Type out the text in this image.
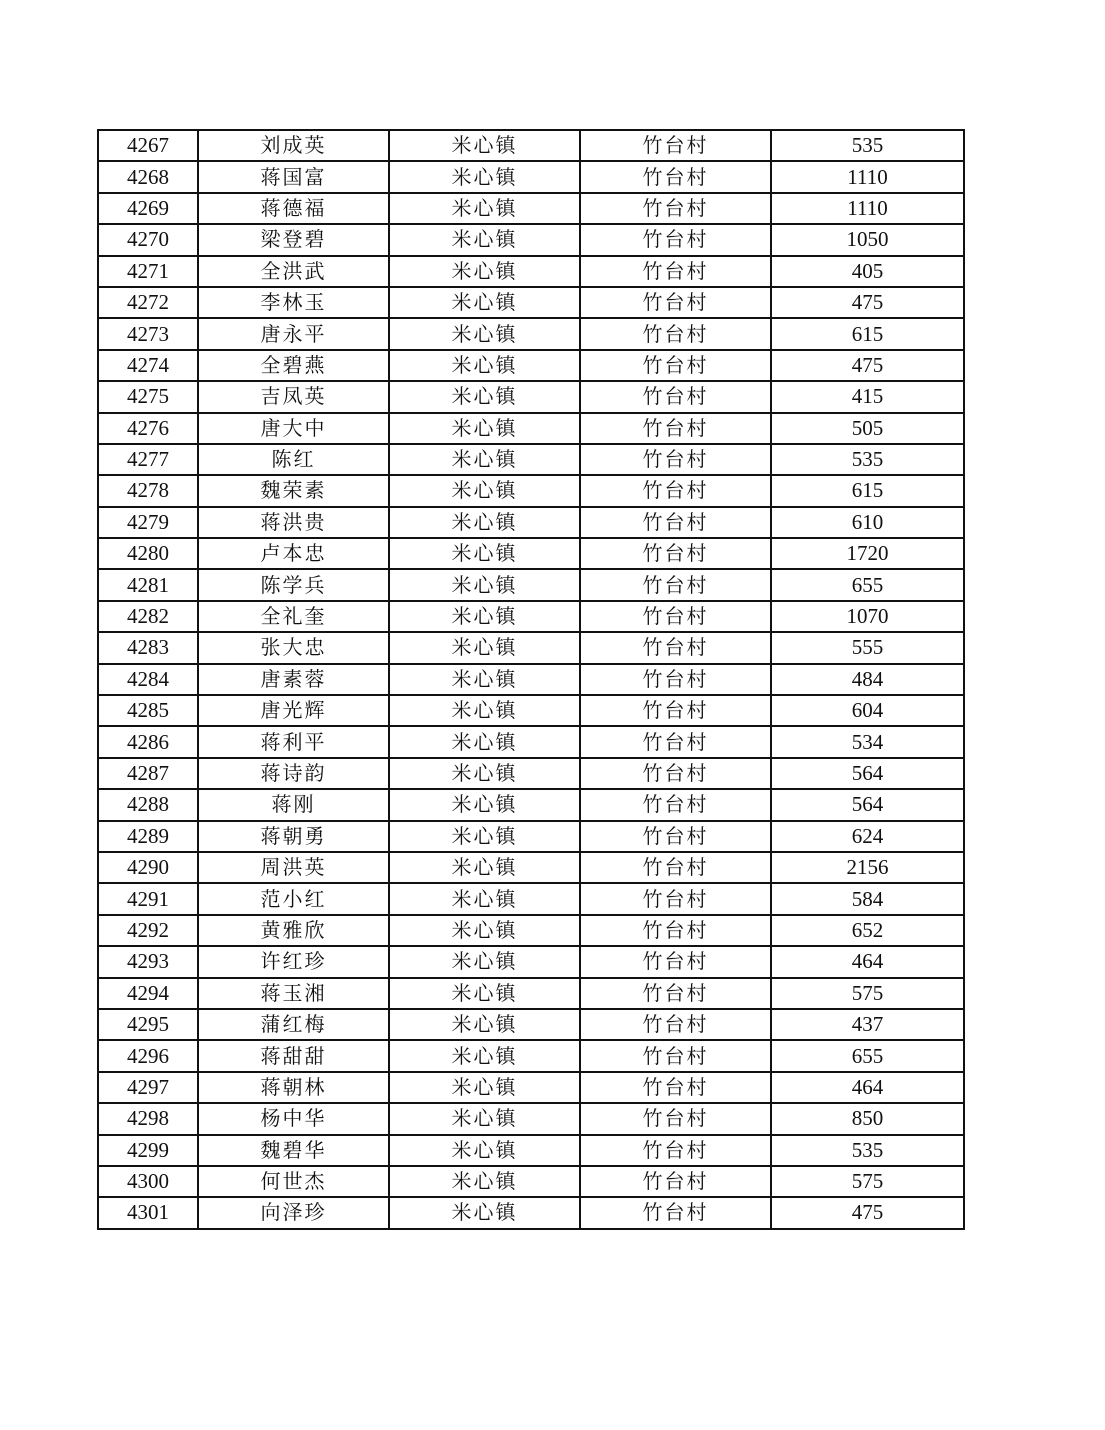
4267	刘成英	米心镇	竹台村	535
4268	蒋国富	米心镇	竹台村	1110
4269	蒋德福	米心镇	竹台村	1110
4270	梁登碧	米心镇	竹台村	1050
4271	全洪武	米心镇	竹台村	405
4272	李林玉	米心镇	竹台村	475
4273	唐永平	米心镇	竹台村	615
4274	全碧燕	米心镇	竹台村	475
4275	吉凤英	米心镇	竹台村	415
4276	唐大中	米心镇	竹台村	505
4277	陈红	米心镇	竹台村	535
4278	魏荣素	米心镇	竹台村	615
4279	蒋洪贵	米心镇	竹台村	610
4280	卢本忠	米心镇	竹台村	1720
4281	陈学兵	米心镇	竹台村	655
4282	全礼奎	米心镇	竹台村	1070
4283	张大忠	米心镇	竹台村	555
4284	唐素蓉	米心镇	竹台村	484
4285	唐光辉	米心镇	竹台村	604
4286	蒋利平	米心镇	竹台村	534
4287	蒋诗韵	米心镇	竹台村	564
4288	蒋刚	米心镇	竹台村	564
4289	蒋朝勇	米心镇	竹台村	624
4290	周洪英	米心镇	竹台村	2156
4291	范小红	米心镇	竹台村	584
4292	黄雅欣	米心镇	竹台村	652
4293	许红珍	米心镇	竹台村	464
4294	蒋玉湘	米心镇	竹台村	575
4295	蒲红梅	米心镇	竹台村	437
4296	蒋甜甜	米心镇	竹台村	655
4297	蒋朝林	米心镇	竹台村	464
4298	杨中华	米心镇	竹台村	850
4299	魏碧华	米心镇	竹台村	535
4300	何世杰	米心镇	竹台村	575
4301	向泽珍	米心镇	竹台村	475
